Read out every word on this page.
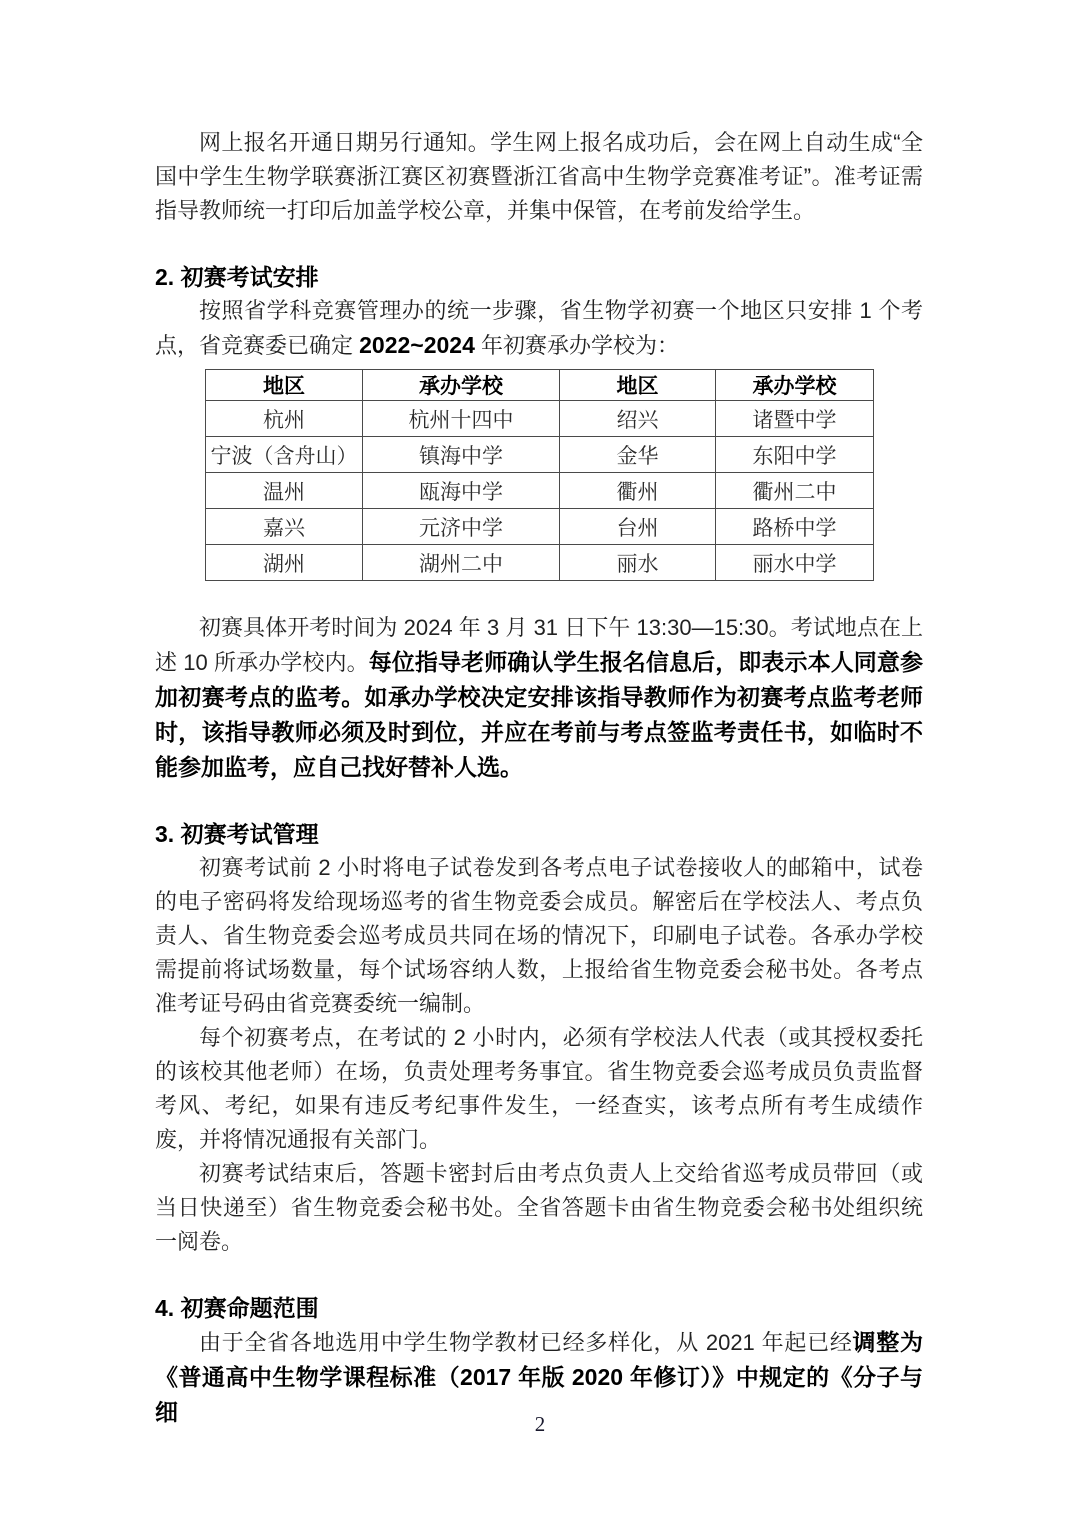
网上报名开通日期另行通知。学生网上报名成功后，会在网上自动生成“全国中学生生物学联赛浙江赛区初赛暨浙江省高中生物学竞赛准考证”。准考证需指导教师统一打印后加盖学校公章，并集中保管，在考前发给学生。
2. 初赛考试安排
按照省学科竞赛管理办的统一步骤，省生物学初赛一个地区只安排 1 个考点，省竞赛委已确定 2022~2024 年初赛承办学校为：
地区	承办学校	地区	承办学校
杭州	杭州十四中	绍兴	诸暨中学
宁波（含舟山）	镇海中学	金华	东阳中学
温州	瓯海中学	衢州	衢州二中
嘉兴	元济中学	台州	路桥中学
湖州	湖州二中	丽水	丽水中学
初赛具体开考时间为 2024 年 3 月 31 日下午 13:30—15:30。考试地点在上述 10 所承办学校内。每位指导老师确认学生报名信息后，即表示本人同意参加初赛考点的监考。如承办学校决定安排该指导教师作为初赛考点监考老师时，该指导教师必须及时到位，并应在考前与考点签监考责任书，如临时不能参加监考，应自己找好替补人选。
3. 初赛考试管理
初赛考试前 2 小时将电子试卷发到各考点电子试卷接收人的邮箱中，试卷的电子密码将发给现场巡考的省生物竞委会成员。解密后在学校法人、考点负责人、省生物竞委会巡考成员共同在场的情况下，印刷电子试卷。各承办学校需提前将试场数量，每个试场容纳人数，上报给省生物竞委会秘书处。各考点准考证号码由省竞赛委统一编制。
每个初赛考点，在考试的 2 小时内，必须有学校法人代表（或其授权委托的该校其他老师）在场，负责处理考务事宜。省生物竞委会巡考成员负责监督考风、考纪，如果有违反考纪事件发生，一经查实，该考点所有考生成绩作废，并将情况通报有关部门。
初赛考试结束后，答题卡密封后由考点负责人上交给省巡考成员带回（或当日快递至）省生物竞委会秘书处。全省答题卡由省生物竞委会秘书处组织统一阅卷。
4. 初赛命题范围
由于全省各地选用中学生物学教材已经多样化，从 2021 年起已经调整为《普通高中生物学课程标准（2017 年版 2020 年修订）》中规定的《分子与细	2
